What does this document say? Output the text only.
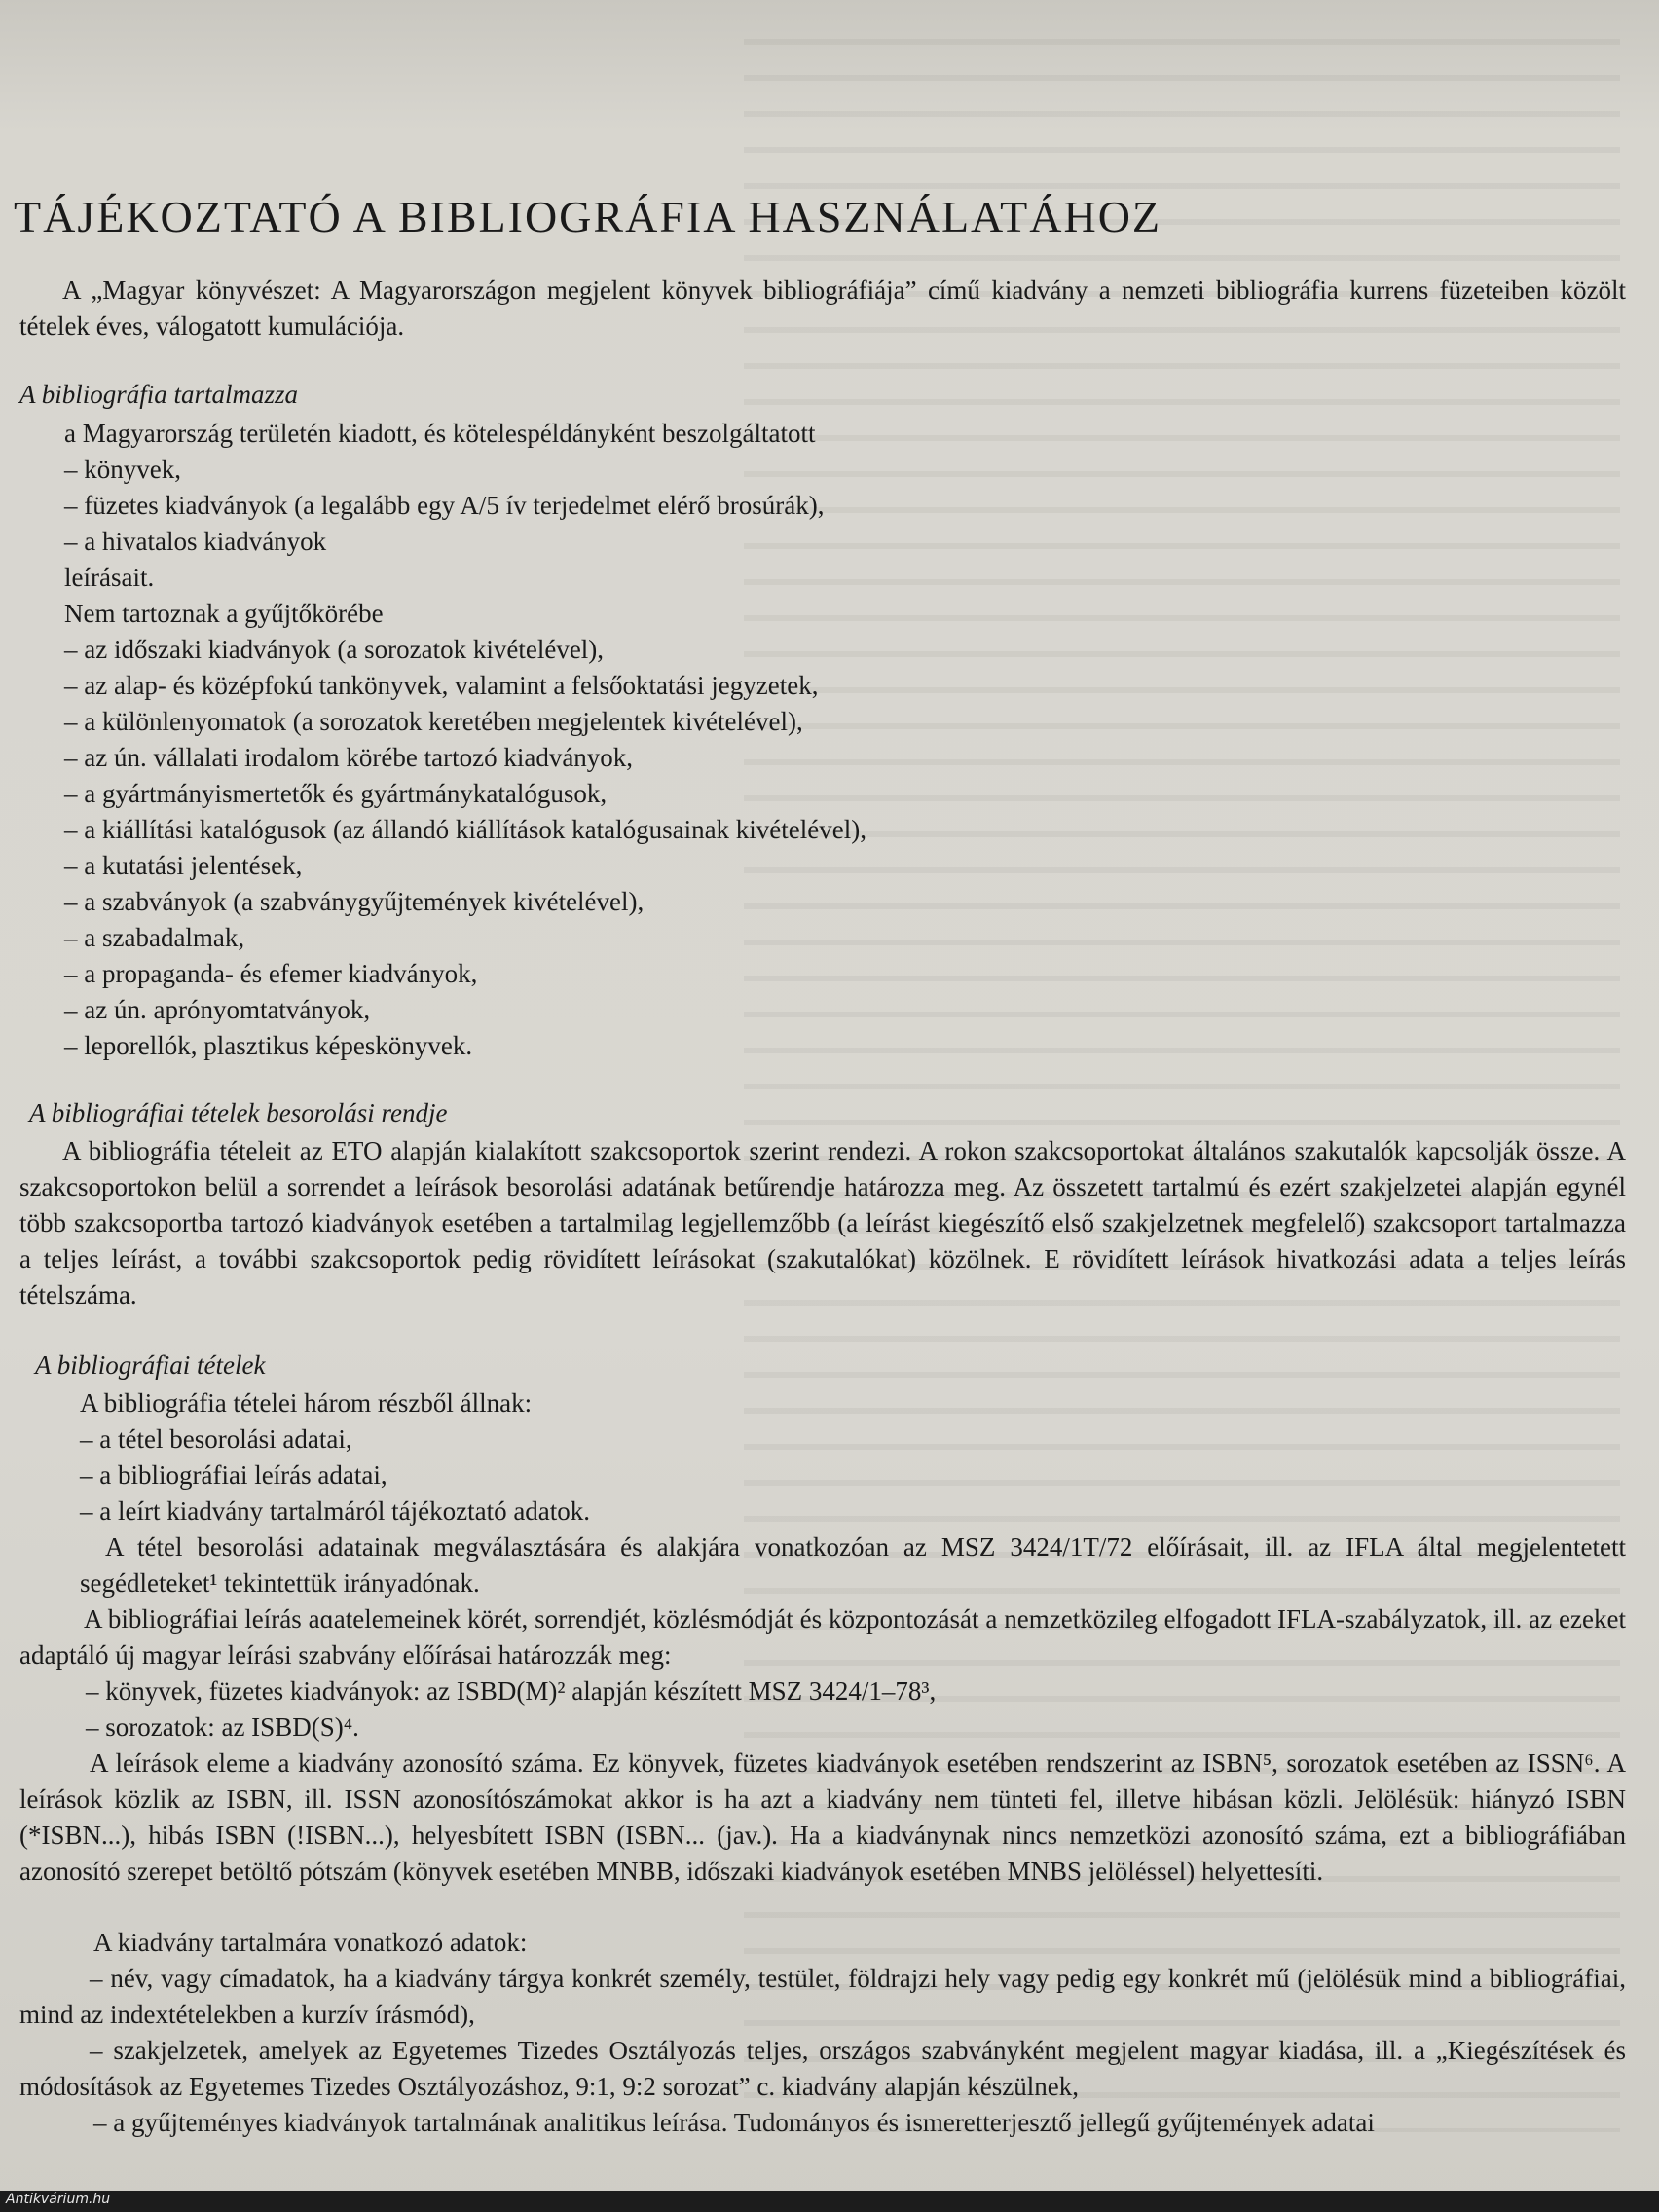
TÁJÉKOZTATÓ A BIBLIOGRÁFIA HASZNÁLATÁHOZ

A „Magyar könyvészet: A Magyarországon megjelent könyvek bibliográfiája” című kiadvány a nemzeti bibliográfia kurrens füzeteiben közölt tételek éves, válogatott kumulációja.

A bibliográfia tartalmazza

a Magyarország területén kiadott, és kötelespéldányként beszolgáltatott
– könyvek,
– füzetes kiadványok (a legalább egy A/5 ív terjedelmet elérő brosúrák),
– a hivatalos kiadványok
leírásait.
Nem tartoznak a gyűjtőkörébe
– az időszaki kiadványok (a sorozatok kivételével),
– az alap- és középfokú tankönyvek, valamint a felsőoktatási jegyzetek,
– a különlenyomatok (a sorozatok keretében megjelentek kivételével),
– az ún. vállalati irodalom körébe tartozó kiadványok,
– a gyártmányismertetők és gyártmánykatalógusok,
– a kiállítási katalógusok (az állandó kiállítások katalógusainak kivételével),
– a kutatási jelentések,
– a szabványok (a szabványgyűjtemények kivételével),
– a szabadalmak,
– a propaganda- és efemer kiadványok,
– az ún. aprónyomtatványok,
– leporellók, plasztikus képeskönyvek.

A bibliográfiai tételek besorolási rendje

A bibliográfia tételeit az ETO alapján kialakított szakcsoportok szerint rendezi. A rokon szakcsoportokat általános szakutalók kapcsolják össze. A szakcsoportokon belül a sorrendet a leírások besorolási adatának betűrendje határozza meg. Az összetett tartalmú és ezért szakjelzetei alapján egynél több szakcsoportba tartozó kiadványok esetében a tartalmilag legjellemzőbb (a leírást kiegészítő első szakjelzetnek megfelelő) szakcsoport tartalmazza a teljes leírást, a további szakcsoportok pedig rövidített leírásokat (szakutalókat) közölnek. E rövidített leírások hivatkozási adata a teljes leírás tételszáma.

A bibliográfiai tételek

A bibliográfia tételei három részből állnak:
– a tétel besorolási adatai,
– a bibliográfiai leírás adatai,
– a leírt kiadvány tartalmáról tájékoztató adatok.

A tétel besorolási adatainak megválasztására és alakjára vonatkozóan az MSZ 3424/1T/72 előírásait, ill. az IFLA által megjelentetett segédleteket¹ tekintettük irányadónak.

A bibliográfiai leírás aɑatelemeinek körét, sorrendjét, közlésmódját és központozását a nemzetközileg elfogadott IFLA-szabályzatok, ill. az ezeket adaptáló új magyar leírási szabvány előírásai határozzák meg:

– könyvek, füzetes kiadványok: az ISBD(M)² alapján készített MSZ 3424/1–78³,
– sorozatok: az ISBD(S)⁴.

A leírások eleme a kiadvány azonosító száma. Ez könyvek, füzetes kiadványok esetében rendszerint az ISBN⁵, sorozatok esetében az ISSN⁶. A leírások közlik az ISBN, ill. ISSN azonosítószámokat akkor is ha azt a kiadvány nem tünteti fel, illetve hibásan közli. Jelölésük: hiányzó ISBN (*ISBN...), hibás ISBN (!ISBN...), helyesbített ISBN (ISBN... (jav.). Ha a kiadványnak nincs nemzetközi azonosító száma, ezt a bibliográfiában azonosító szerepet betöltő pótszám (könyvek esetében MNBB, időszaki kiadványok esetében MNBS jelöléssel) helyettesíti.

A kiadvány tartalmára vonatkozó adatok:

– név, vagy címadatok, ha a kiadvány tárgya konkrét személy, testület, földrajzi hely vagy pedig egy konkrét mű (jelölésük mind a bibliográfiai, mind az indextételekben a kurzív írásmód),

– szakjelzetek, amelyek az Egyetemes Tizedes Osztályozás teljes, országos szabványként megjelent magyar kiadása, ill. a „Kiegészítések és módosítások az Egyetemes Tizedes Osztályozáshoz, 9:1, 9:2 sorozat” c. kiadvány alapján készülnek,

– a gyűjteményes kiadványok tartalmának analitikus leírása. Tudományos és ismeretterjesztő jellegű gyűjtemények adatai

Antikvárium.hu
